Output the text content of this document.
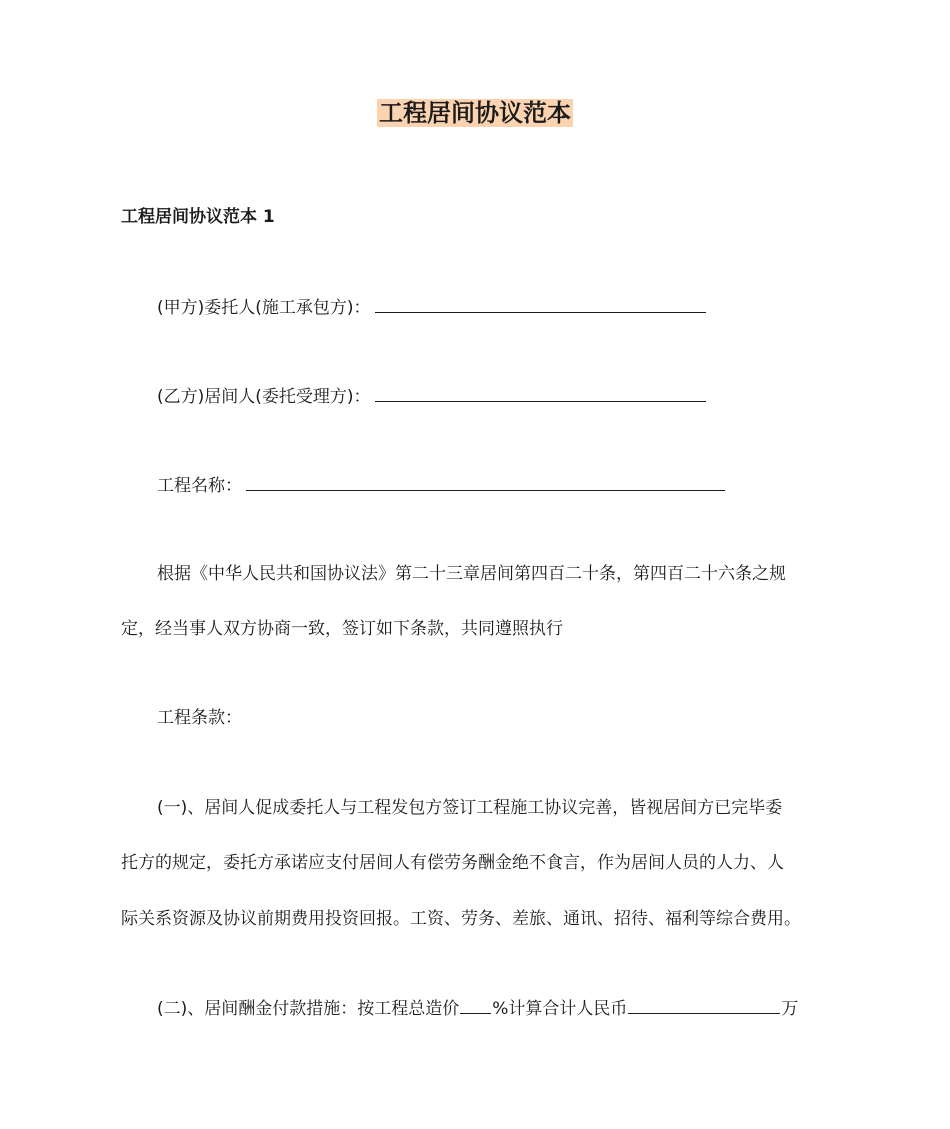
工程居间协议范本
工程居间协议范本 1
(甲方)委托人(施工承包方)：
(乙方)居间人(委托受理方)：
工程名称：
根据《中华人民共和国协议法》第二十三章居间第四百二十条，第四百二十六条之规
定，经当事人双方协商一致，签订如下条款，共同遵照执行
工程条款：
(一)、居间人促成委托人与工程发包方签订工程施工协议完善，皆视居间方已完毕委
托方的规定，委托方承诺应支付居间人有偿劳务酬金绝不食言，作为居间人员的人力、人
际关系资源及协议前期费用投资回报。工资、劳务、差旅、通讯、招待、福利等综合费用。
(二)、居间酬金付款措施：按工程总造价 %计算合计人民币	万
